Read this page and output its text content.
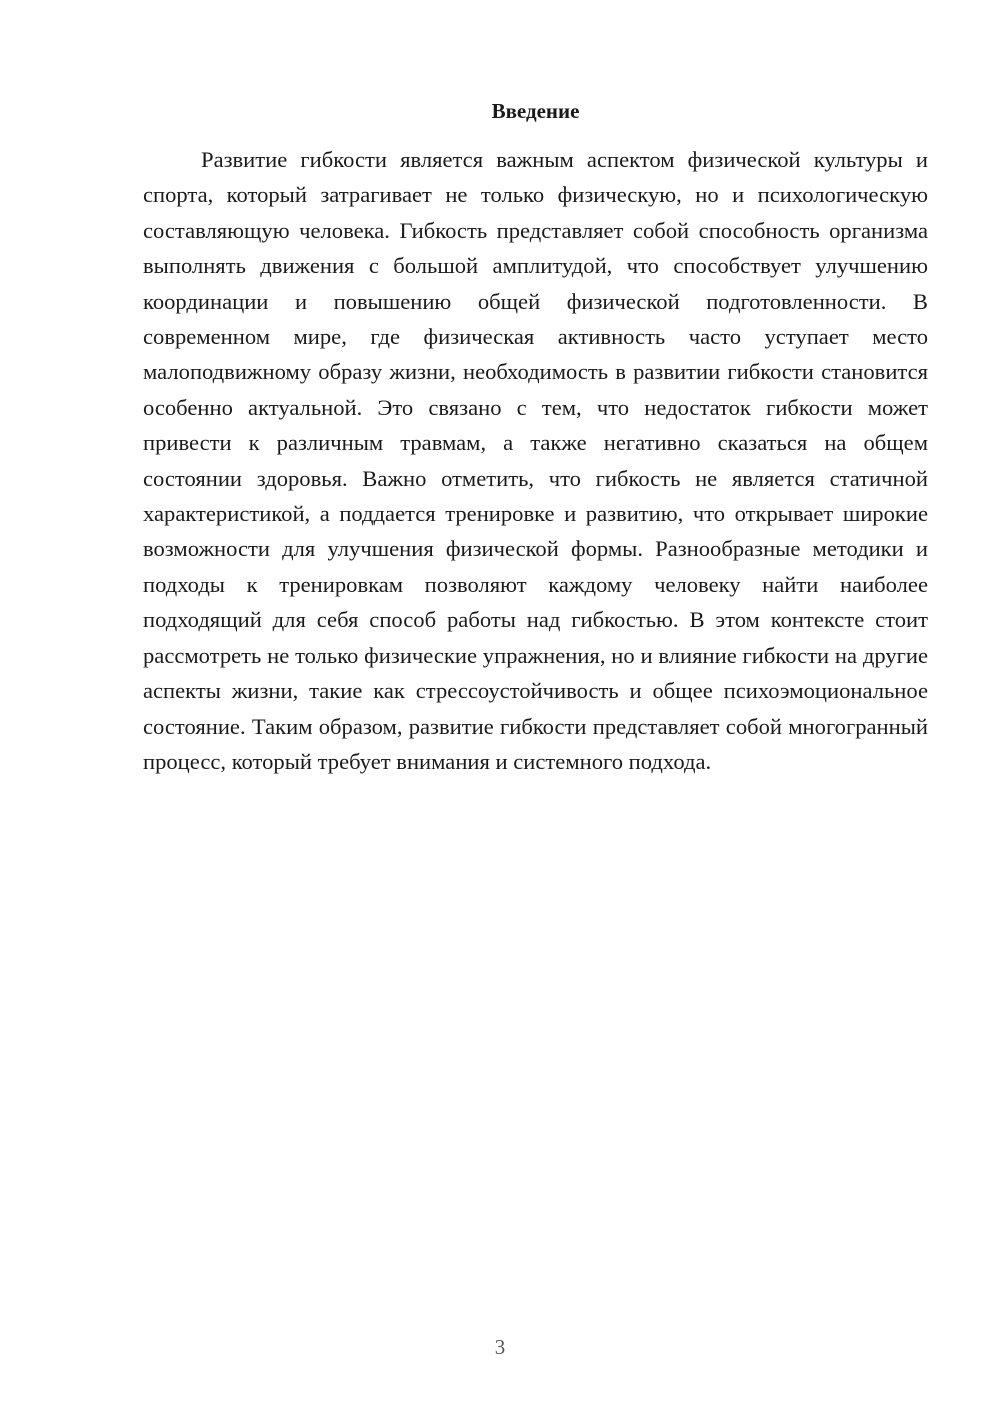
Введение

Развитие гибкости является важным аспектом физической культуры и спорта, который затрагивает не только физическую, но и психологическую составляющую человека. Гибкость представляет собой способность организма выполнять движения с большой амплитудой, что способствует улучшению координации и повышению общей физической подготовленности. В современном мире, где физическая активность часто уступает место малоподвижному образу жизни, необходимость в развитии гибкости становится особенно актуальной. Это связано с тем, что недостаток гибкости может привести к различным травмам, а также негативно сказаться на общем состоянии здоровья. Важно отметить, что гибкость не является статичной характеристикой, а поддается тренировке и развитию, что открывает широкие возможности для улучшения физической формы. Разнообразные методики и подходы к тренировкам позволяют каждому человеку найти наиболее подходящий для себя способ работы над гибкостью. В этом контексте стоит рассмотреть не только физические упражнения, но и влияние гибкости на другие аспекты жизни, такие как стрессоустойчивость и общее психоэмоциональное состояние. Таким образом, развитие гибкости представляет собой многогранный процесс, который требует внимания и системного подхода.

3
